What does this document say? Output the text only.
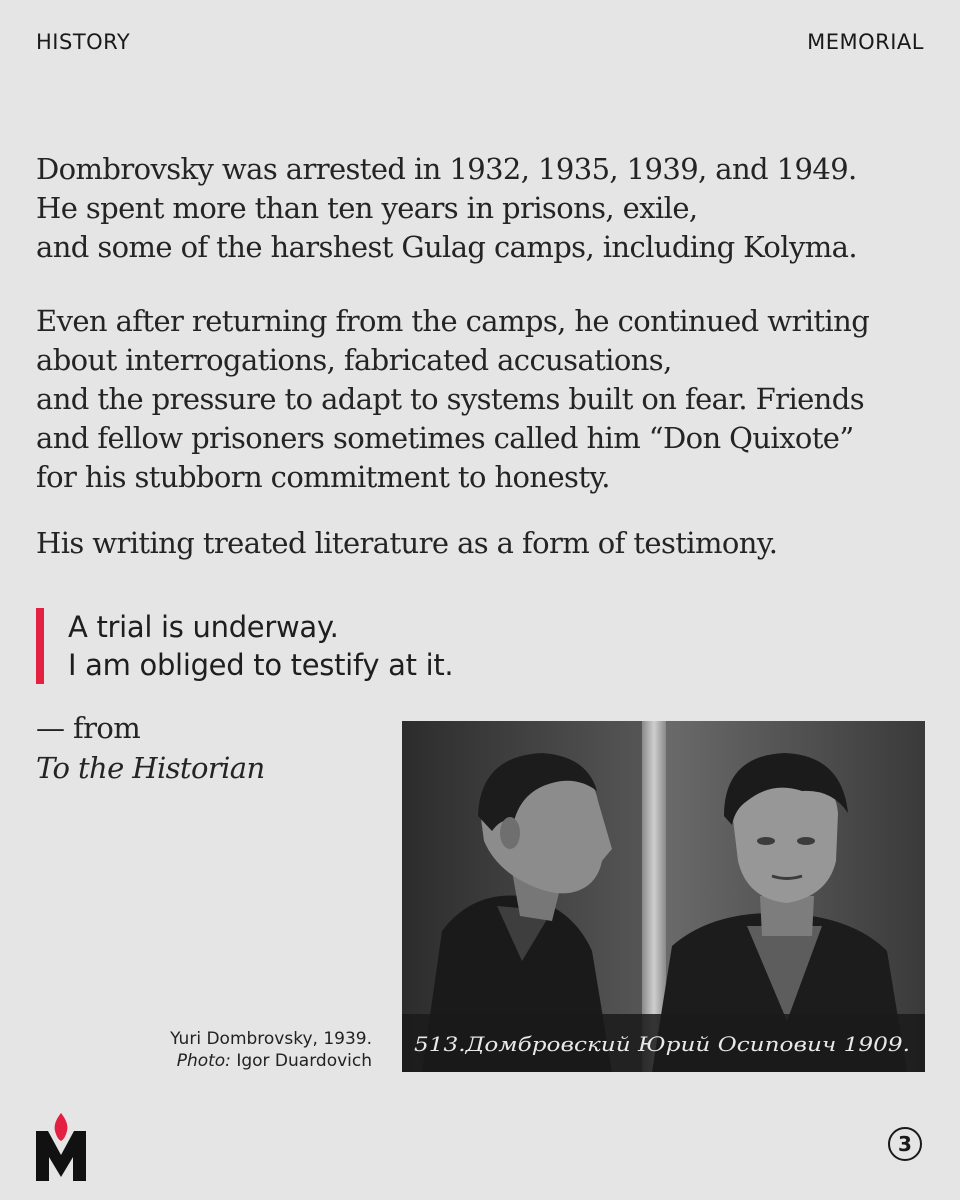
HISTORY	MEMORIAL
Dombrovsky was arrested in 1932, 1935, 1939, and 1949.
He spent more than ten years in prisons, exile,
and some of the harshest Gulag camps, including Kolyma.
Even after returning from the camps, he continued writing
about interrogations, fabricated accusations,
and the pressure to adapt to systems built on fear. Friends
and fellow prisoners sometimes called him “Don Quixote”
for his stubborn commitment to honesty.
His writing treated literature as a form of testimony.
A trial is underway.
I am obliged to testify at it.
— from
To the Historian
Yuri Dombrovsky, 1939.
Photo: Igor Duardovich
513.Домбровский Юрий Осипович 1909.
3
